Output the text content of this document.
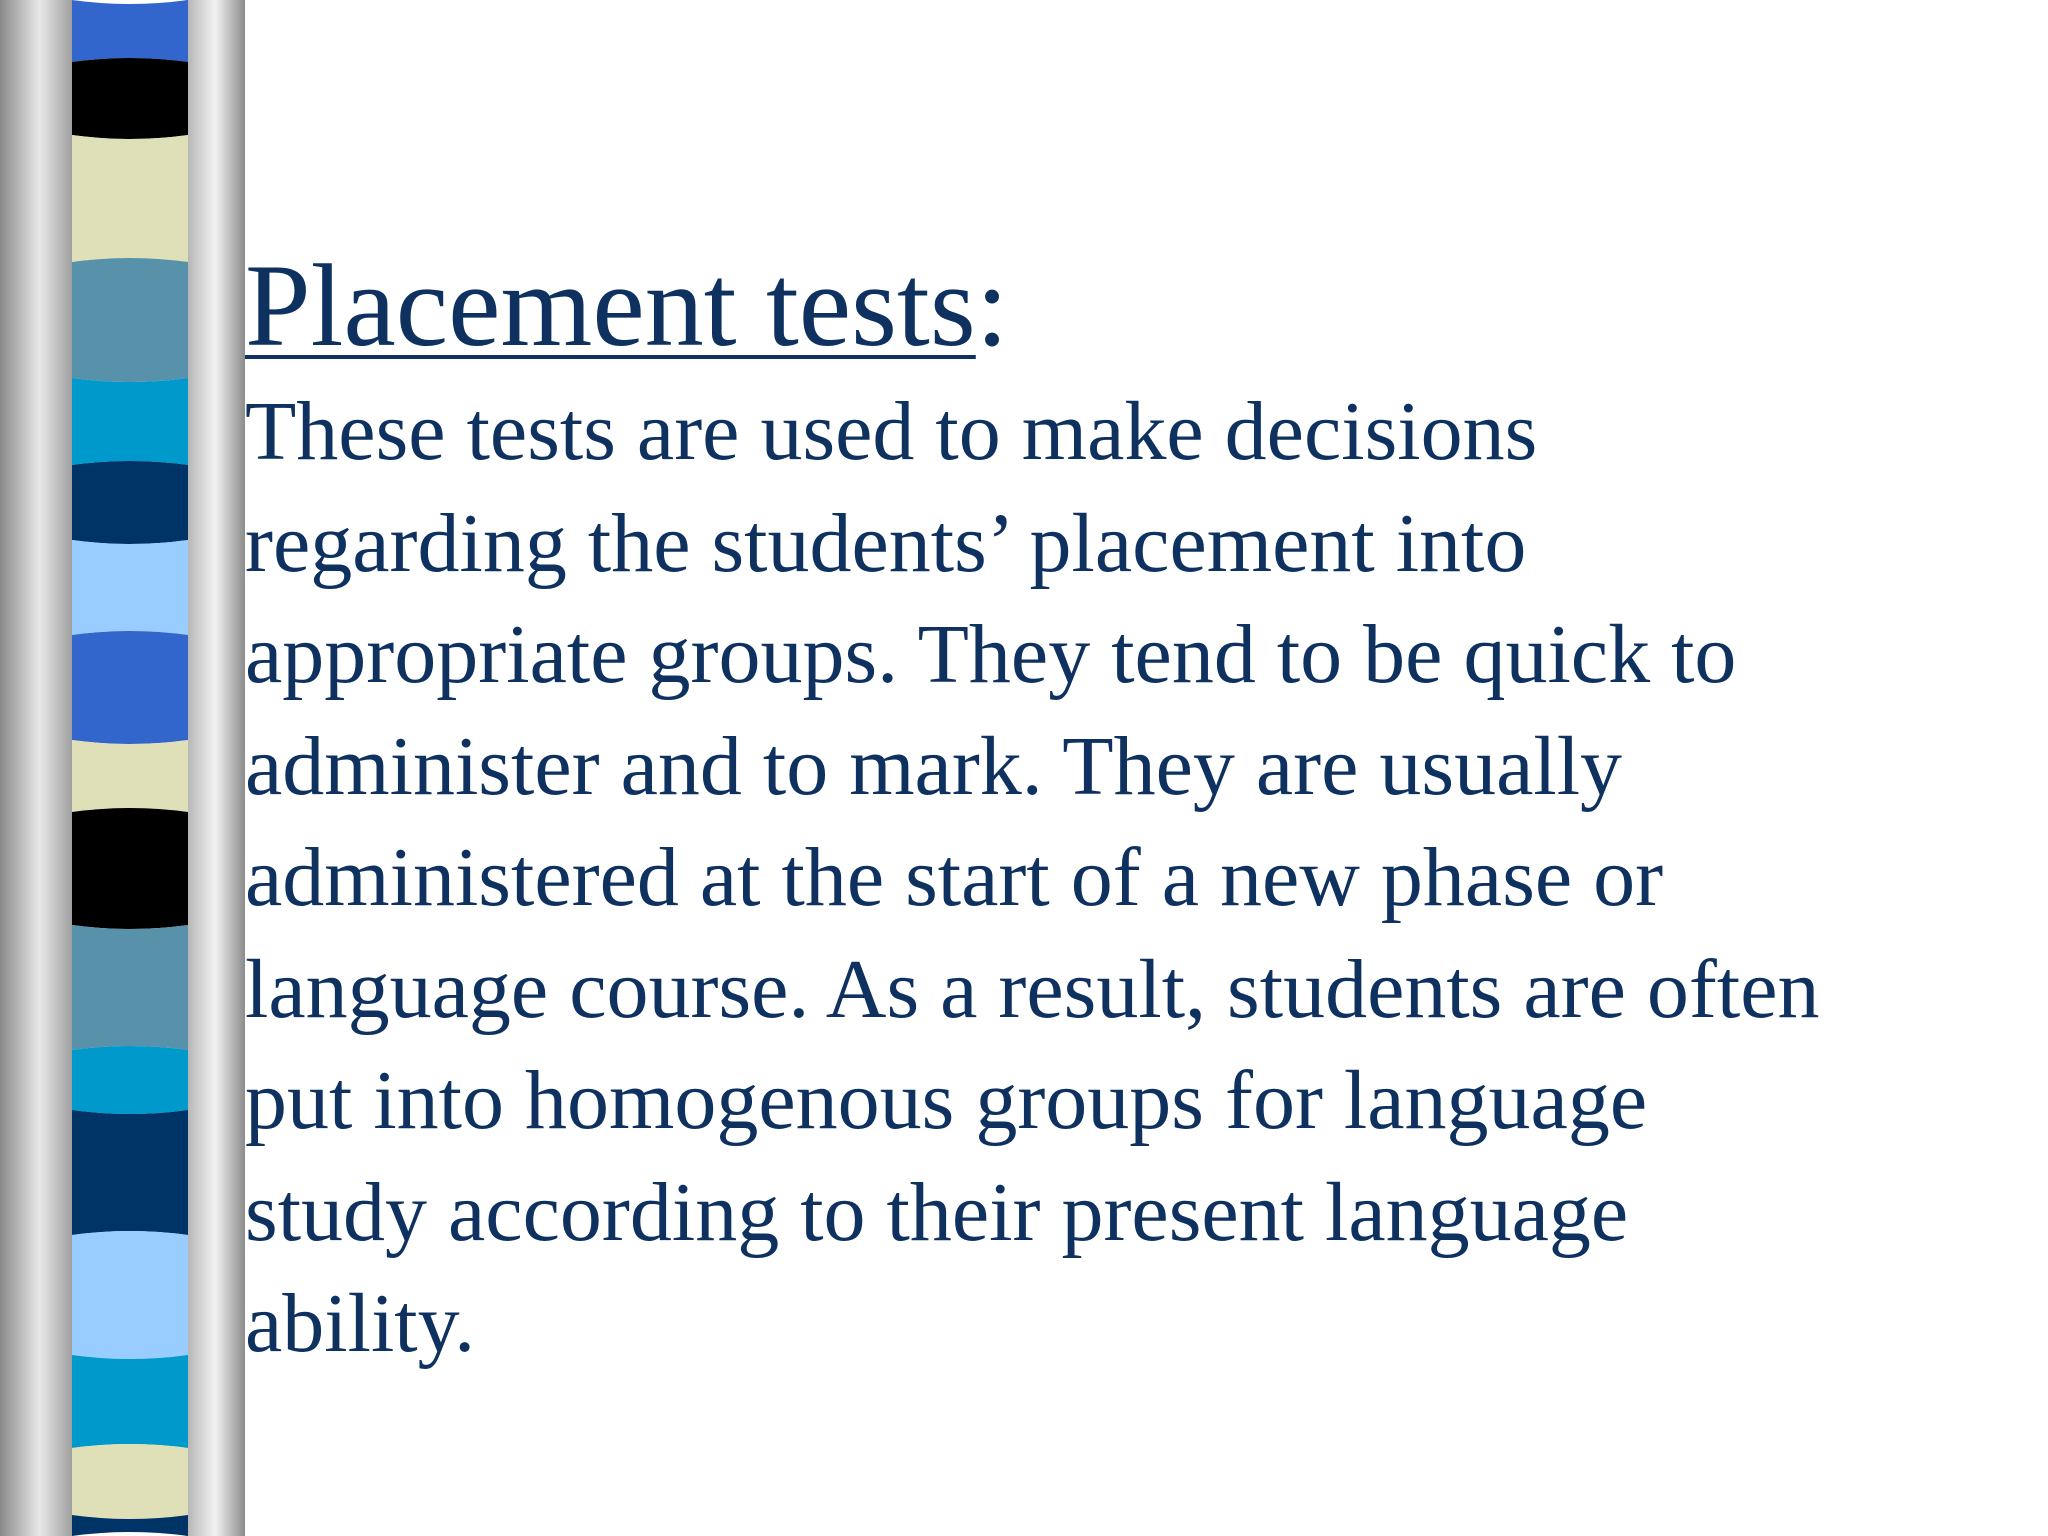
Placement tests:
These tests are used to make decisions
regarding the students’ placement into
appropriate groups. They tend to be quick to
administer and to mark. They are usually
administered at the start of a new phase or
language course. As a result, students are often
put into homogenous groups for language
study according to their present language
ability.
